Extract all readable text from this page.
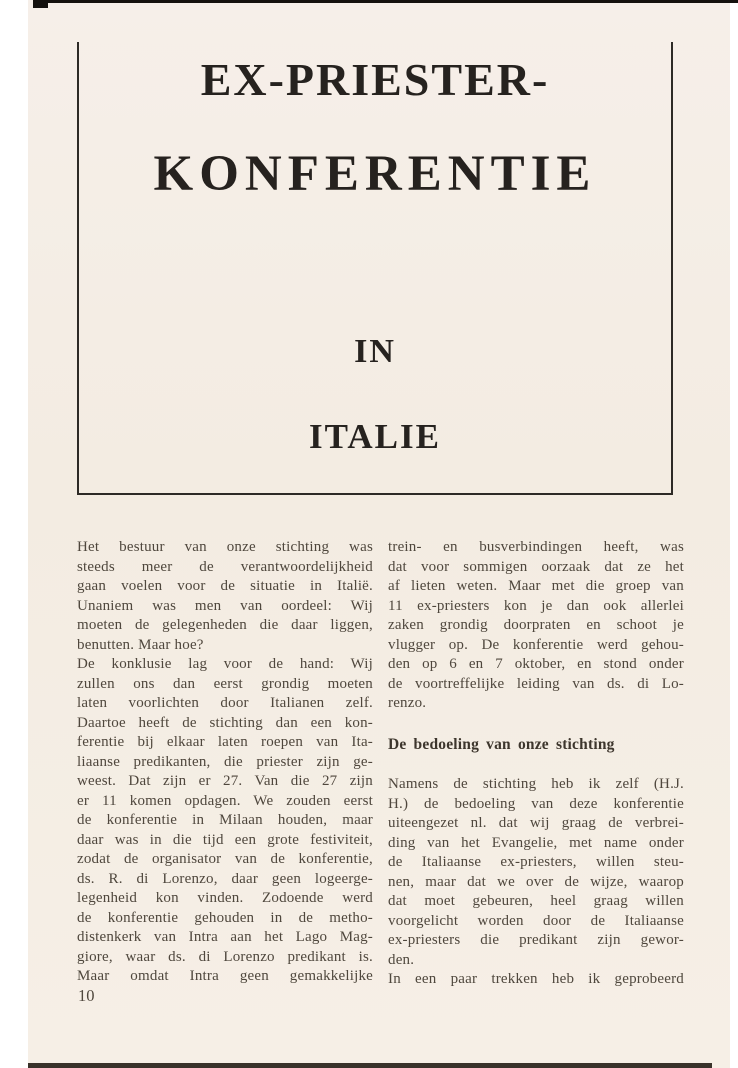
EX-PRIESTER-
KONFERENTIE
IN
ITALIE
Het bestuur van onze stichting was
steeds meer de verantwoordelijkheid
gaan voelen voor de situatie in Italië.
Unaniem was men van oordeel: Wij
moeten de gelegenheden die daar liggen,
benutten. Maar hoe?
De konklusie lag voor de hand: Wij
zullen ons dan eerst grondig moeten
laten voorlichten door Italianen zelf.
Daartoe heeft de stichting dan een kon-
ferentie bij elkaar laten roepen van Ita-
liaanse predikanten, die priester zijn ge-
weest. Dat zijn er 27. Van die 27 zijn
er 11 komen opdagen. We zouden eerst
de konferentie in Milaan houden, maar
daar was in die tijd een grote festiviteit,
zodat de organisator van de konferentie,
ds. R. di Lorenzo, daar geen logeerge-
legenheid kon vinden. Zodoende werd
de konferentie gehouden in de metho-
distenkerk van Intra aan het Lago Mag-
giore, waar ds. di Lorenzo predikant is.
Maar omdat Intra geen gemakkelijke
trein- en busverbindingen heeft, was
dat voor sommigen oorzaak dat ze het
af lieten weten. Maar met die groep van
11 ex-priesters kon je dan ook allerlei
zaken grondig doorpraten en schoot je
vlugger op. De konferentie werd gehou-
den op 6 en 7 oktober, en stond onder
de voortreffelijke leiding van ds. di Lo-
renzo.
De bedoeling van onze stichting
Namens de stichting heb ik zelf (H.J.
H.) de bedoeling van deze konferentie
uiteengezet nl. dat wij graag de verbrei-
ding van het Evangelie, met name onder
de Italiaanse ex-priesters, willen steu-
nen, maar dat we over de wijze, waarop
dat moet gebeuren, heel graag willen
voorgelicht worden door de Italiaanse
ex-priesters die predikant zijn gewor-
den.
In een paar trekken heb ik geprobeerd
10
